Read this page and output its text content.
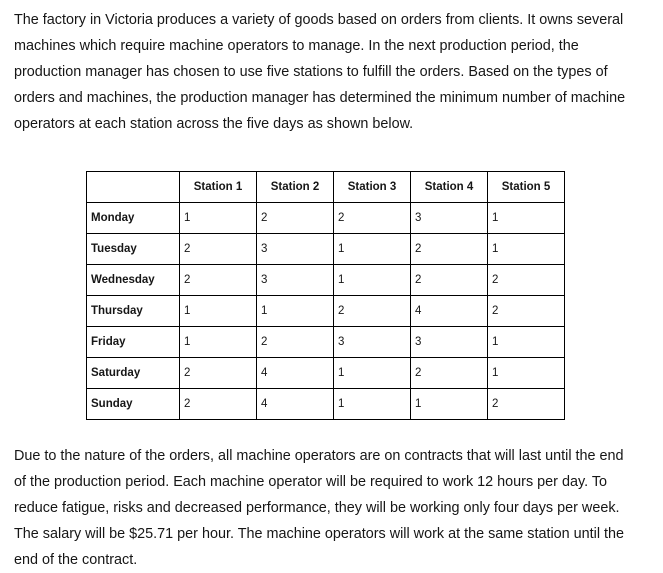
The factory in Victoria produces a variety of goods based on orders from clients. It owns several
machines which require machine operators to manage. In the next production period, the
production manager has chosen to use five stations to fulfill the orders. Based on the types of
orders and machines, the production manager has determined the minimum number of machine
operators at each station across the five days as shown below.

	Station 1	Station 2	Station 3	Station 4	Station 5
Monday	1	2	2	3	1
Tuesday	2	3	1	2	1
Wednesday	2	3	1	2	2
Thursday	1	1	2	4	2
Friday	1	2	3	3	1
Saturday	2	4	1	2	1
Sunday	2	4	1	1	2

Due to the nature of the orders, all machine operators are on contracts that will last until the end
of the production period. Each machine operator will be required to work 12 hours per day. To
reduce fatigue, risks and decreased performance, they will be working only four days per week.
The salary will be $25.71 per hour. The machine operators will work at the same station until the
end of the contract.
